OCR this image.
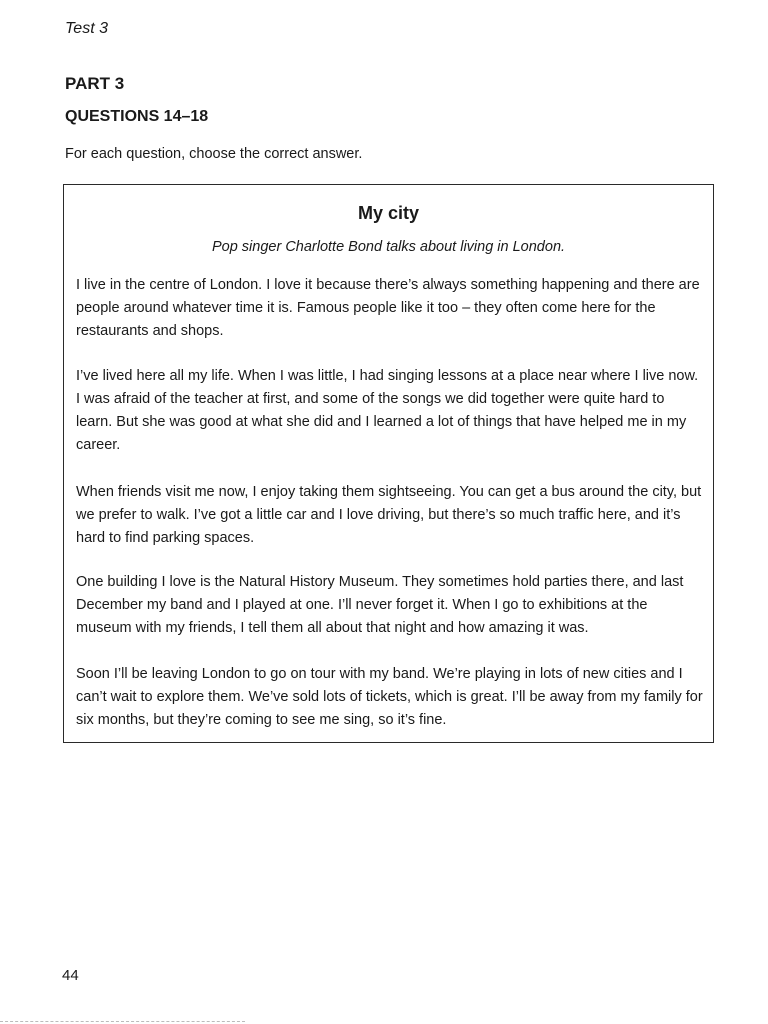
Test 3
PART 3
QUESTIONS 14–18
For each question, choose the correct answer.
My city
Pop singer Charlotte Bond talks about living in London.

I live in the centre of London. I love it because there’s always something happening and there are people around whatever time it is. Famous people like it too – they often come here for the restaurants and shops.

I’ve lived here all my life. When I was little, I had singing lessons at a place near where I live now. I was afraid of the teacher at first, and some of the songs we did together were quite hard to learn. But she was good at what she did and I learned a lot of things that have helped me in my career.

When friends visit me now, I enjoy taking them sightseeing. You can get a bus around the city, but we prefer to walk. I’ve got a little car and I love driving, but there’s so much traffic here, and it’s hard to find parking spaces.

One building I love is the Natural History Museum. They sometimes hold parties there, and last December my band and I played at one. I’ll never forget it. When I go to exhibitions at the museum with my friends, I tell them all about that night and how amazing it was.

Soon I’ll be leaving London to go on tour with my band. We’re playing in lots of new cities and I can’t wait to explore them. We’ve sold lots of tickets, which is great. I’ll be away from my family for six months, but they’re coming to see me sing, so it’s fine.

44
